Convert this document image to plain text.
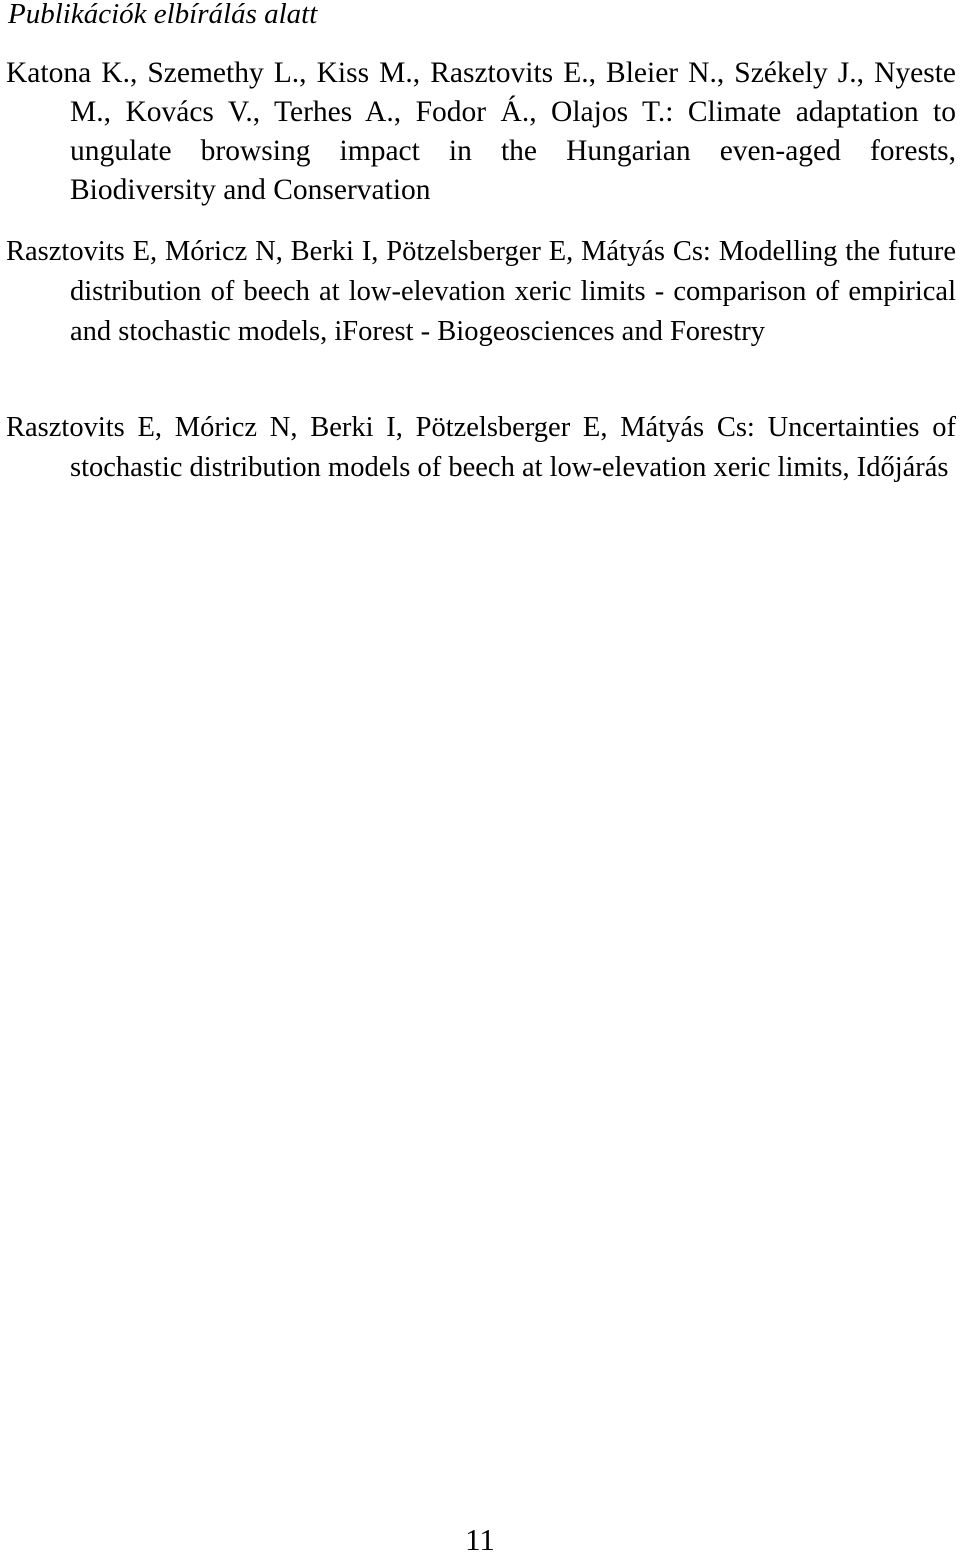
Publikációk elbírálás alatt

Katona K., Szemethy L., Kiss M., Rasztovits E., Bleier N., Székely J., Nyeste M., Kovács V., Terhes A., Fodor Á., Olajos T.: Climate adaptation to ungulate browsing impact in the Hungarian even-aged forests, Biodiversity and Conservation

Rasztovits E, Móricz N, Berki I, Pötzelsberger E, Mátyás Cs: Modelling the future distribution of beech at low-elevation xeric limits - comparison of empirical and stochastic models, iForest - Biogeosciences and Forestry

Rasztovits E, Móricz N, Berki I, Pötzelsberger E, Mátyás Cs: Uncertainties of stochastic distribution models of beech at low-elevation xeric limits, Időjárás

11
